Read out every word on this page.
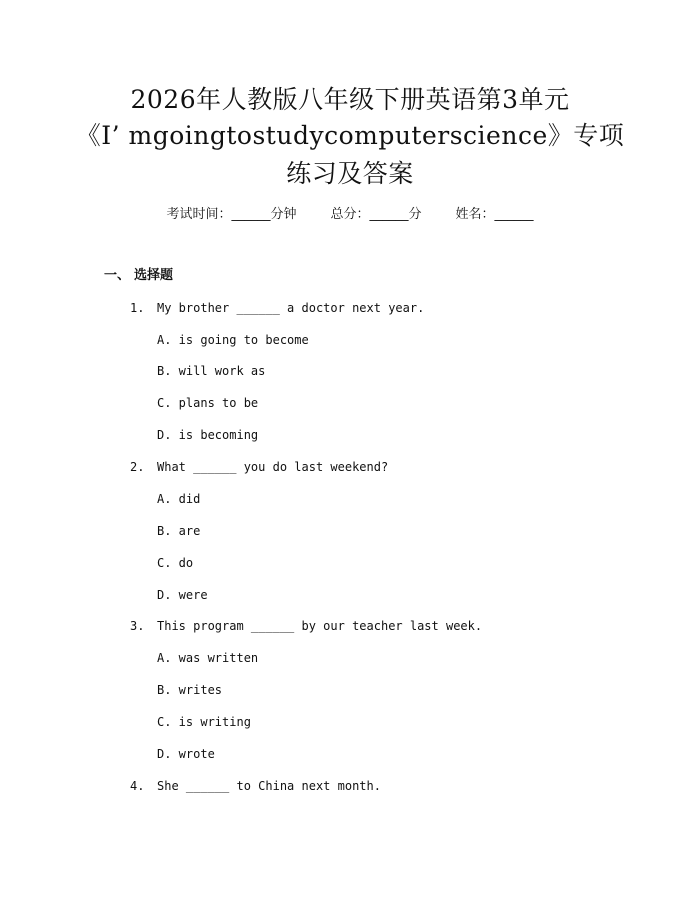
2026年人教版八年级下册英语第3单元
《I’ mgoingtostudycomputerscience》专项
练习及答案
考试时间：______分钟	总分：______分	姓名：______
一、 选择题
1. My brother ______ a doctor next year.
A. is going to become
B. will work as
C. plans to be
D. is becoming
2. What ______ you do last weekend?
A. did
B. are
C. do
D. were
3. This program ______ by our teacher last week.
A. was written
B. writes
C. is writing
D. wrote
4. She ______ to China next month.
